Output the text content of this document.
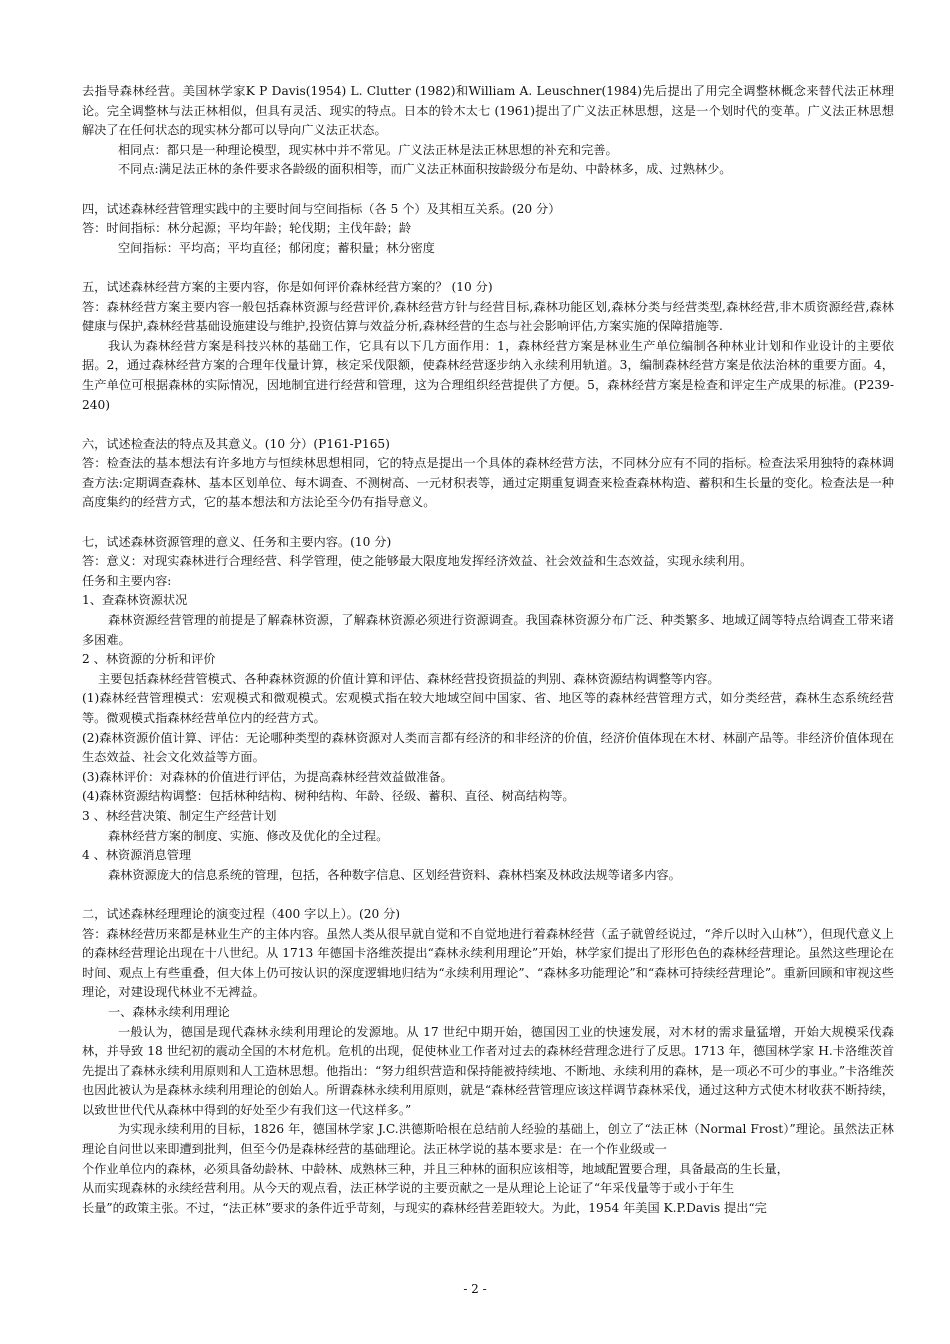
去指导森林经营。美国林学家K P Davis(1954) L. Clutter (1982)和William A. Leuschner(1984)先后提出了用完全调整林概念来替代法正林理论。完全调整林与法正林相似，但具有灵活、现实的特点。日本的铃木太七 (1961)提出了广义法正林思想，这是一个划时代的变革。广义法正林思想解决了在任何状态的现实林分都可以导向广义法正状态。

相同点：都只是一种理论模型，现实林中并不常见。广义法正林是法正林思想的补充和完善。

不同点:满足法正林的条件要求各龄级的面积相等，而广义法正林面积按龄级分布是幼、中龄林多，成、过熟林少。

四，试述森林经营管理实践中的主要时间与空间指标（各 5 个）及其相互关系。(20 分）

答：时间指标：林分起源；平均年龄；轮伐期；主伐年龄；龄

空间指标：平均高；平均直径；郁闭度；蓄积量；林分密度

五，试述森林经营方案的主要内容，你是如何评价森林经营方案的？ (10 分)

答：森林经营方案主要内容一般包括森林资源与经营评价,森林经营方针与经营目标,森林功能区划,森林分类与经营类型,森林经营,非木质资源经营,森林健康与保护,森林经营基础设施建设与维护,投资估算与效益分析,森林经营的生态与社会影响评估,方案实施的保障措施等.

我认为森林经营方案是科技兴林的基础工作，它具有以下几方面作用：1，森林经营方案是林业生产单位编制各种林业计划和作业设计的主要依据。2，通过森林经营方案的合理年伐量计算，核定采伐限额，使森林经营逐步纳入永续利用轨道。3，编制森林经营方案是依法治林的重要方面。4，生产单位可根据森林的实际情况，因地制宜进行经营和管理，这为合理组织经营提供了方便。5，森林经营方案是检查和评定生产成果的标准。(P239-240)

六，试述检查法的特点及其意义。(10 分）(P161-P165)

答：检查法的基本想法有许多地方与恒续林思想相同，它的特点是提出一个具体的森林经营方法，不同林分应有不同的指标。检查法采用独特的森林调查方法:定期调查森林、基本区划单位、每木调查、不测树高、一元材积表等，通过定期重复调查来检查森林构造、蓄积和生长量的变化。检查法是一种高度集约的经营方式，它的基本想法和方法论至今仍有指导意义。

七，试述森林资源管理的意义、任务和主要内容。(10 分)

答：意义：对现实森林进行合理经营、科学管理，使之能够最大限度地发挥经济效益、社会效益和生态效益，实现永续利用。

任务和主要内容:

1、查森林资源状况

森林资源经营管理的前提是了解森林资源，了解森林资源必须进行资源调查。我国森林资源分布广泛、种类繁多、地域辽阔等特点给调查工带来诸多困难。

2 、林资源的分析和评价

主要包括森林经营管模式、各种森林资源的价值计算和评估、森林经营投资损益的判别、森林资源结构调整等内容。

(1)森林经营管理模式：宏观模式和微观模式。宏观模式指在较大地域空间中国家、省、地区等的森林经营管理方式，如分类经营，森林生态系统经营等。微观模式指森林经营单位内的经营方式。

(2)森林资源价值计算、评估：无论哪种类型的森林资源对人类而言都有经济的和非经济的价值，经济价值体现在木材、林副产品等。非经济价值体现在生态效益、社会文化效益等方面。

(3)森林评价：对森林的价值进行评估，为提高森林经营效益做准备。

(4)森林资源结构调整：包括林种结构、树种结构、年龄、径级、蓄积、直径、树高结构等。

3 、林经营决策、制定生产经营计划

森林经营方案的制度、实施、修改及优化的全过程。

4 、林资源消息管理

森林资源庞大的信息系统的管理，包括，各种数字信息、区划经营资料、森林档案及林政法规等诸多内容。

二，试述森林经理理论的演变过程（400 字以上）。(20 分)

答：森林经营历来都是林业生产的主体内容。虽然人类从很早就自觉和不自觉地进行着森林经营（孟子就曾经说过，“斧斤以时入山林”），但现代意义上的森林经营理论出现在十八世纪。从 1713 年德国卡洛维茨提出“森林永续利用理论”开始，林学家们提出了形形色色的森林经营理论。虽然这些理论在时间、观点上有些重叠，但大体上仍可按认识的深度逻辑地归结为“永续利用理论”、“森林多功能理论”和“森林可持续经营理论”。重新回顾和审视这些理论，对建设现代林业不无裨益。

一、森林永续利用理论

一般认为，德国是现代森林永续利用理论的发源地。从 17 世纪中期开始，德国因工业的快速发展，对木材的需求量猛增，开始大规模采伐森林，并导致 18 世纪初的震动全国的木材危机。危机的出现，促使林业工作者对过去的森林经营理念进行了反思。1713 年，德国林学家 H.卡洛维茨首先提出了森林永续利用原则和人工造林思想。他指出：“努力组织营造和保持能被持续地、不断地、永续利用的森林，是一项必不可少的事业。”卡洛维茨也因此被认为是森林永续利用理论的创始人。所谓森林永续利用原则，就是“森林经营管理应该这样调节森林采伐，通过这种方式使木材收获不断持续，以致世世代代从森林中得到的好处至少有我们这一代这样多。”

为实现永续利用的目标，1826 年，德国林学家 J.C.洪德斯哈根在总结前人经验的基础上，创立了“法正林（Normal Frost）”理论。虽然法正林理论自问世以来即遭到批判，但至今仍是森林经营的基础理论。法正林学说的基本要求是：在一个作业级或一

个作业单位内的森林，必须具备幼龄林、中龄林、成熟林三种，并且三种林的面积应该相等，地域配置要合理，具备最高的生长量，从而实现森林的永续经营利用。从今天的观点看，法正林学说的主要贡献之一是从理论上论证了“年采伐量等于或小于年生

长量”的政策主张。不过，“法正林”要求的条件近乎苛刻，与现实的森林经营差距较大。为此，1954 年美国 K.P.Davis 提出“完

- 2 -
